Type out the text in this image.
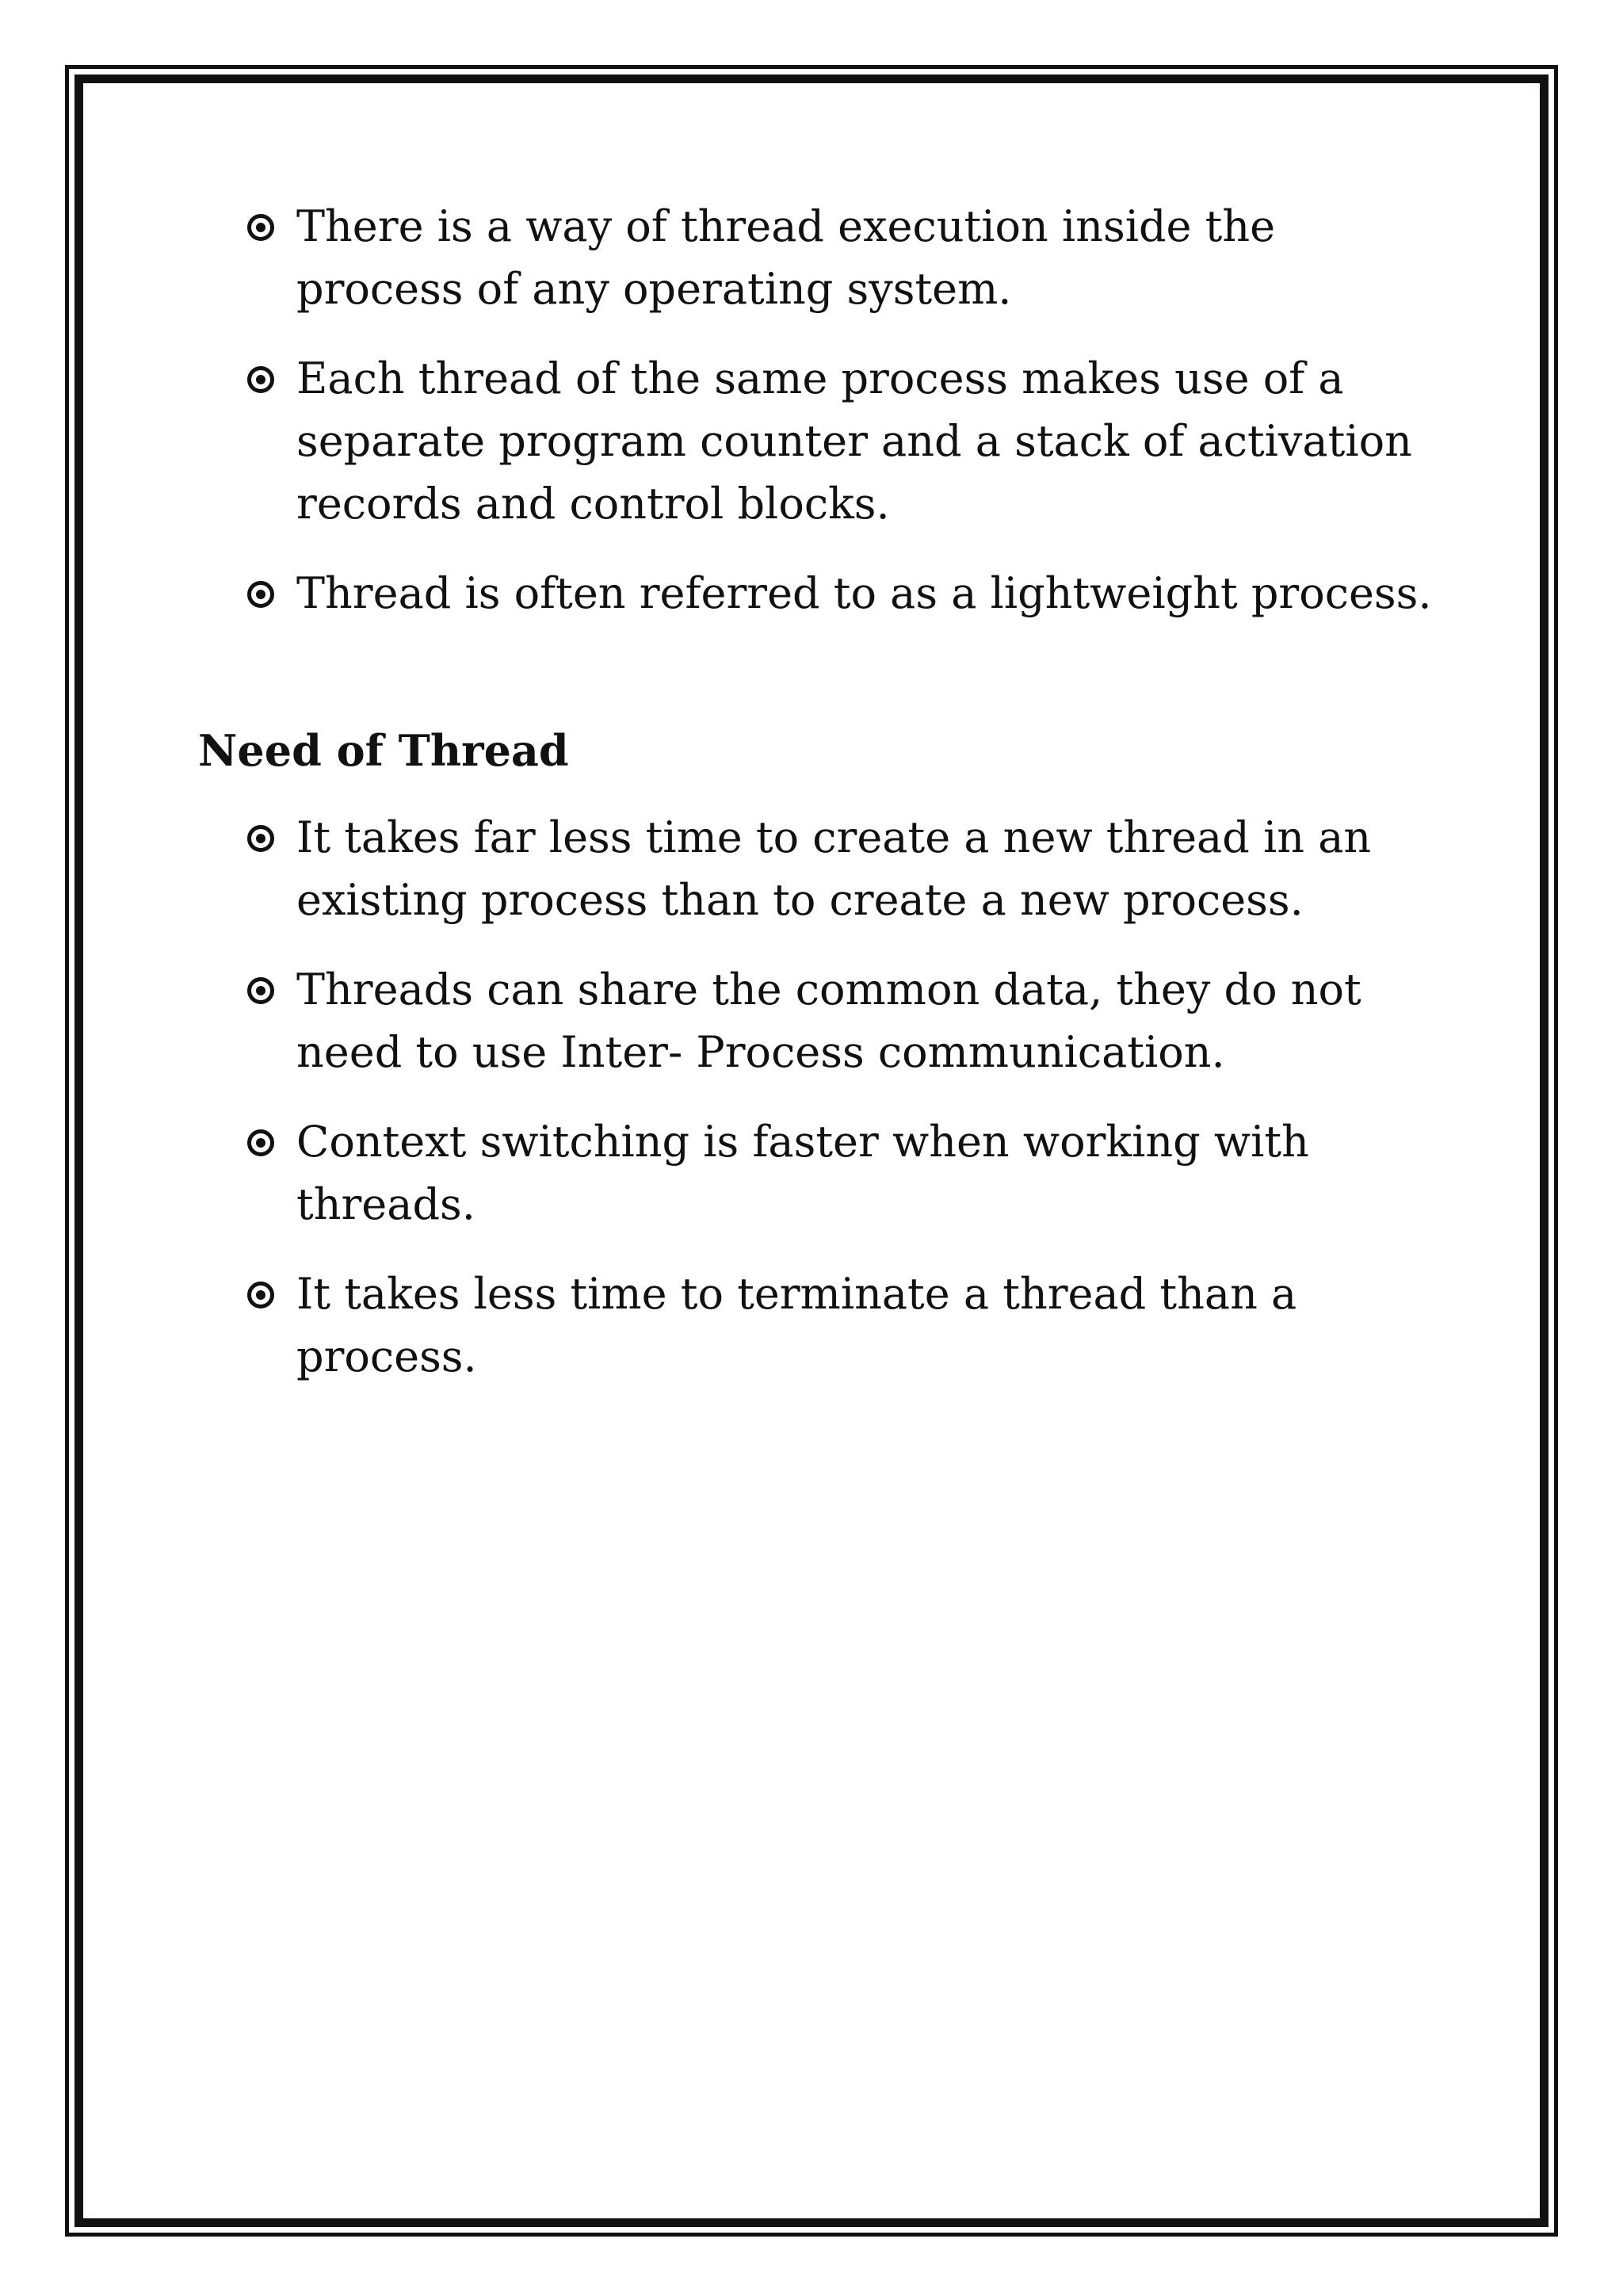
There is a way of thread execution inside the process of any operating system.
Each thread of the same process makes use of a separate program counter and a stack of activation records and control blocks.
Thread is often referred to as a lightweight process.
Need of Thread
It takes far less time to create a new thread in an existing process than to create a new process.
Threads can share the common data, they do not need to use Inter- Process communication.
Context switching is faster when working with threads.
It takes less time to terminate a thread than a process.
